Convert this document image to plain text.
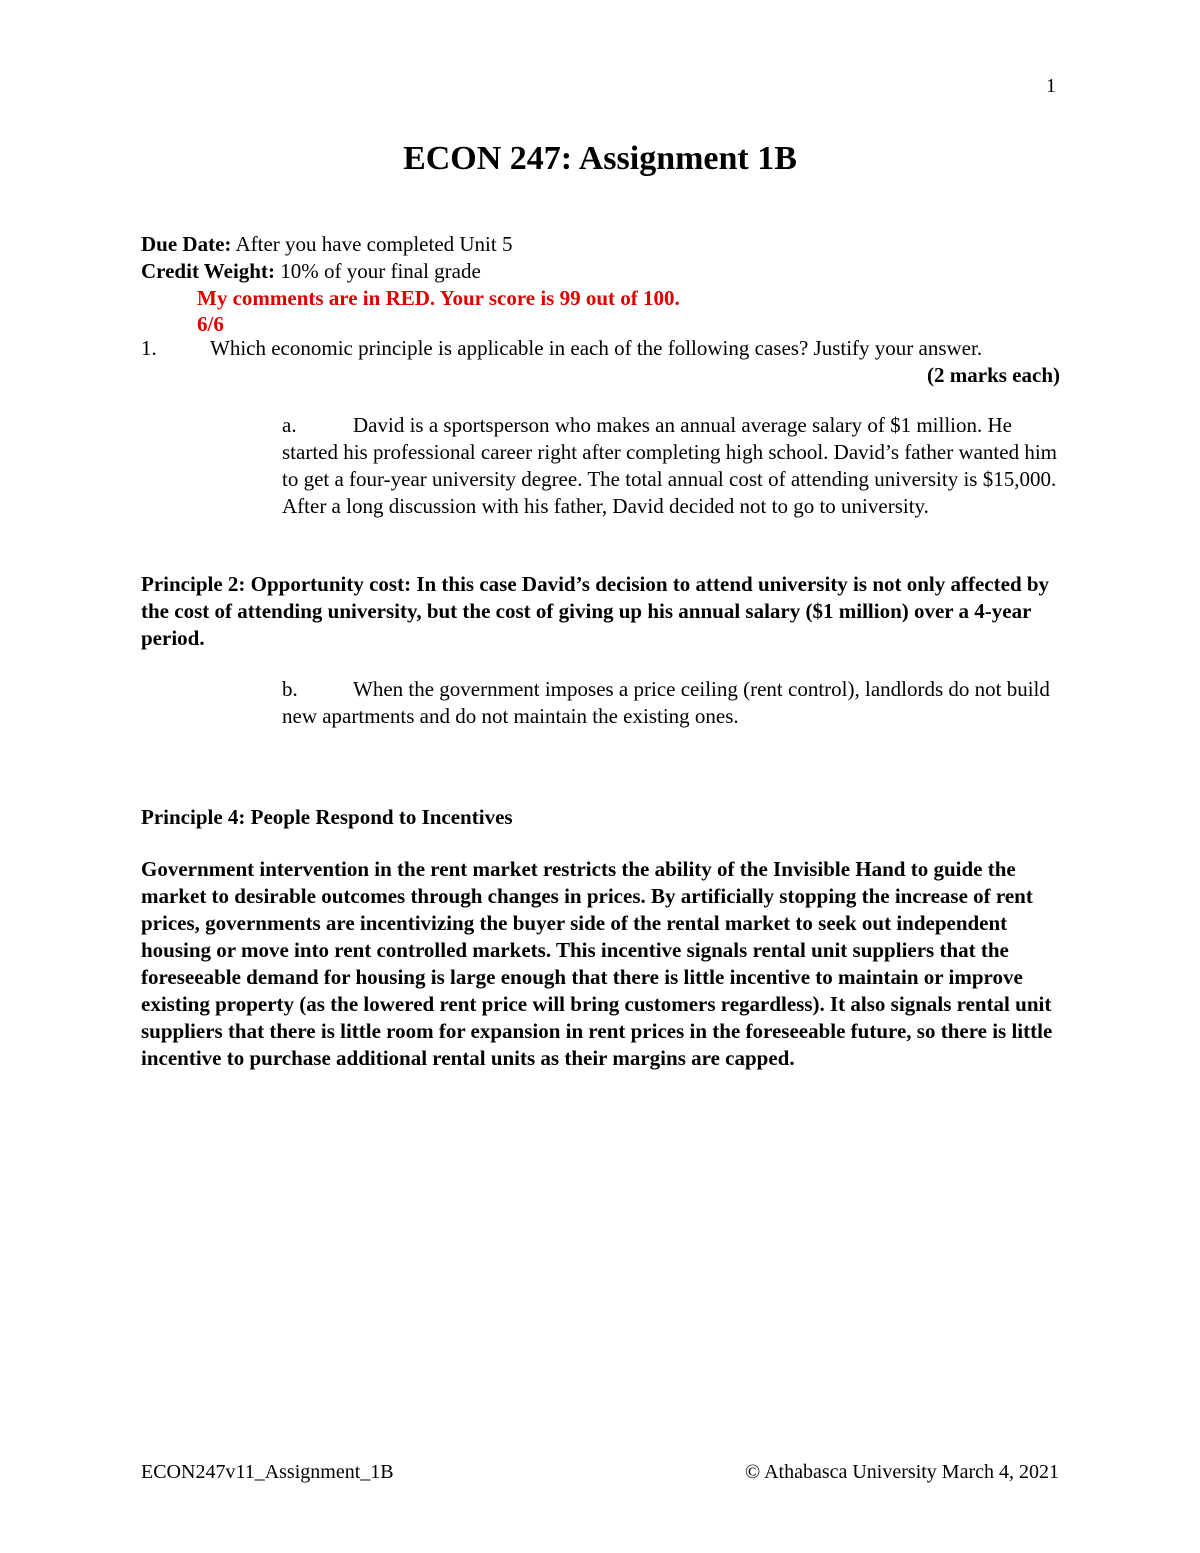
1
ECON 247: Assignment 1B
Due Date: After you have completed Unit 5
Credit Weight: 10% of your final grade
My comments are in RED. Your score is 99 out of 100.
6/6
1.	Which economic principle is applicable in each of the following cases? Justify your answer.
(2 marks each)
a.	David is a sportsperson who makes an annual average salary of $1 million. He started his professional career right after completing high school. David’s father wanted him to get a four-year university degree. The total annual cost of attending university is $15,000. After a long discussion with his father, David decided not to go to university.
Principle 2: Opportunity cost: In this case David’s decision to attend university is not only affected by the cost of attending university, but the cost of giving up his annual salary ($1 million) over a 4-year period.
b.	When the government imposes a price ceiling (rent control), landlords do not build new apartments and do not maintain the existing ones.
Principle 4: People Respond to Incentives
Government intervention in the rent market restricts the ability of the Invisible Hand to guide the market to desirable outcomes through changes in prices. By artificially stopping the increase of rent prices, governments are incentivizing the buyer side of the rental market to seek out independent housing or move into rent controlled markets. This incentive signals rental unit suppliers that the foreseeable demand for housing is large enough that there is little incentive to maintain or improve existing property (as the lowered rent price will bring customers regardless). It also signals rental unit suppliers that there is little room for expansion in rent prices in the foreseeable future, so there is little incentive to purchase additional rental units as their margins are capped.
ECON247v11_Assignment_1B	© Athabasca University March 4, 2021
